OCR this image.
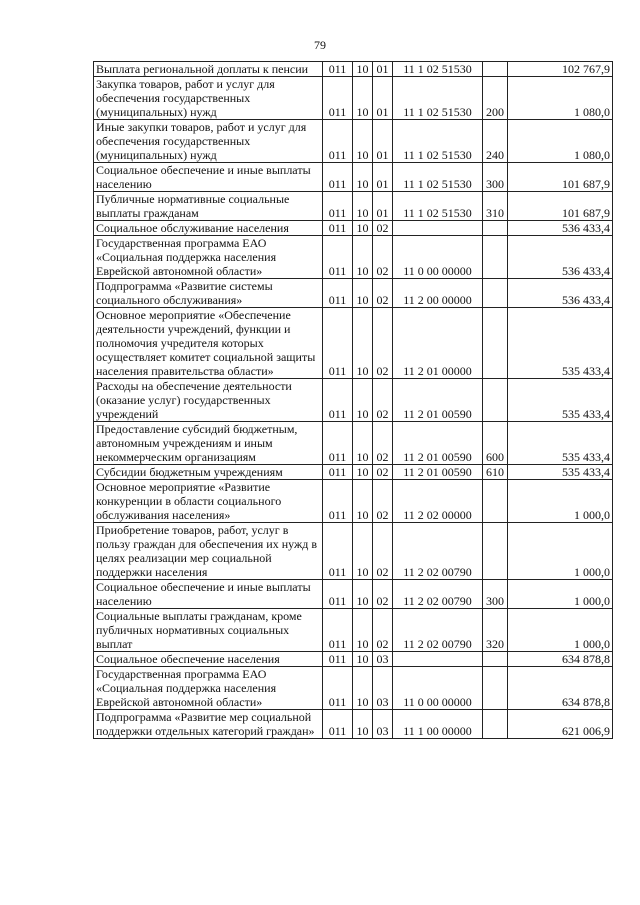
79
Выплата региональной доплаты к пенсии	011	10	01	11 1 02 51530		102 767,9
Закупка товаров, работ и услуг для обеспечения государственных (муниципальных) нужд	011	10	01	11 1 02 51530	200	1 080,0
Иные закупки товаров, работ и услуг для обеспечения государственных (муниципальных) нужд	011	10	01	11 1 02 51530	240	1 080,0
Социальное обеспечение и иные выплаты населению	011	10	01	11 1 02 51530	300	101 687,9
Публичные нормативные социальные выплаты гражданам	011	10	01	11 1 02 51530	310	101 687,9
Социальное обслуживание населения	011	10	02			536 433,4
Государственная программа ЕАО «Социальная поддержка населения Еврейской автономной области»	011	10	02	11 0 00 00000		536 433,4
Подпрограмма «Развитие системы социального обслуживания»	011	10	02	11 2 00 00000		536 433,4
Основное мероприятие «Обеспечение деятельности учреждений, функции и полномочия учредителя которых осуществляет комитет социальной защиты населения правительства области»	011	10	02	11 2 01 00000		535 433,4
Расходы на обеспечение деятельности (оказание услуг) государственных учреждений	011	10	02	11 2 01 00590		535 433,4
Предоставление субсидий бюджетным, автономным учреждениям и иным некоммерческим организациям	011	10	02	11 2 01 00590	600	535 433,4
Субсидии бюджетным учреждениям	011	10	02	11 2 01 00590	610	535 433,4
Основное мероприятие «Развитие конкуренции в области социального обслуживания населения»	011	10	02	11 2 02 00000		1 000,0
Приобретение товаров, работ, услуг в пользу граждан для обеспечения их нужд в целях реализации мер социальной поддержки населения	011	10	02	11 2 02 00790		1 000,0
Социальное обеспечение и иные выплаты населению	011	10	02	11 2 02 00790	300	1 000,0
Социальные выплаты гражданам, кроме публичных нормативных социальных выплат	011	10	02	11 2 02 00790	320	1 000,0
Социальное обеспечение населения	011	10	03			634 878,8
Государственная программа ЕАО «Социальная поддержка населения Еврейской автономной области»	011	10	03	11 0 00 00000		634 878,8
Подпрограмма «Развитие мер социальной поддержки отдельных категорий граждан»	011	10	03	11 1 00 00000		621 006,9
